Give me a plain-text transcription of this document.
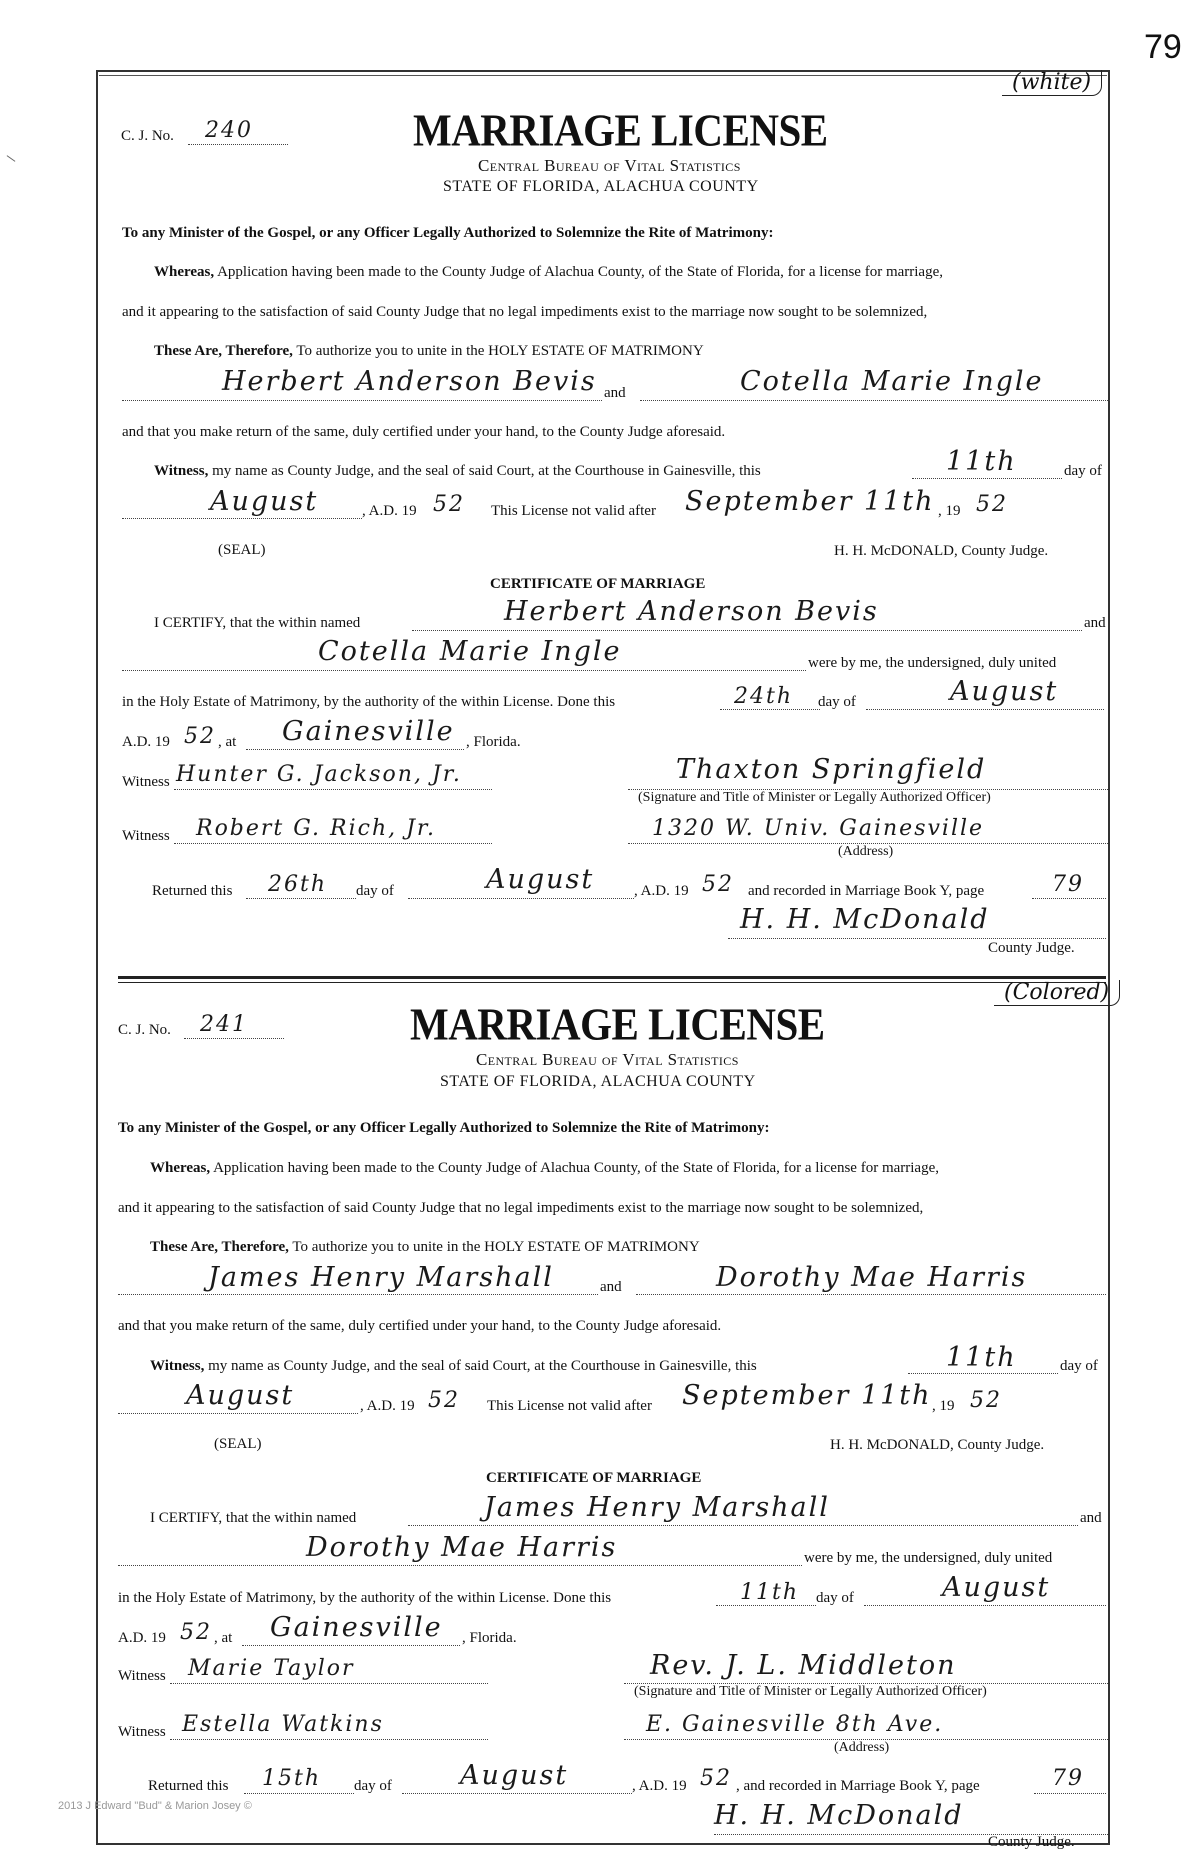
79
(white)
C. J. No. 240	MARRIAGE LICENSE
Central Bureau of Vital Statistics
STATE OF FLORIDA, ALACHUA COUNTY
To any Minister of the Gospel, or any Officer Legally Authorized to Solemnize the Rite of Matrimony:
Whereas, Application having been made to the County Judge of Alachua County, of the State of Florida, for a license for marriage,
and it appearing to the satisfaction of said County Judge that no legal impediments exist to the marriage now sought to be solemnized,
These Are, Therefore, To authorize you to unite in the HOLY ESTATE OF MATRIMONY
Herbert Anderson Bevis and	Cotella Marie Ingle
and that you make return of the same, duly certified under your hand, to the County Judge aforesaid.
Witness, my name as County Judge, and the seal of said Court, at the Courthouse in Gainesville, this	11th	day of
August	, A.D. 19 52 This License not valid after September 11th , 19 52
(SEAL)	H. H. McDONALD, County Judge.
CERTIFICATE OF MARRIAGE
I CERTIFY, that the within named	Herbert Anderson Bevis	and
Cotella Marie Ingle	were by me, the undersigned, duly united
in the Holy Estate of Matrimony, by the authority of the within License. Done this	24th day of	August
A.D. 19 52 , at Gainesville , Florida.
Witness Hunter G. Jackson, Jr.	Thaxton Springfield
(Signature and Title of Minister or Legally Authorized Officer)
Witness Robert G. Rich, Jr.	1320 W. Univ. Gainesville
(Address)
Returned this 26th day of	August	, A.D. 19 52 and recorded in Marriage Book Y, page	79
H. H. McDonald
County Judge.
(Colored)
C. J. No. 241	MARRIAGE LICENSE
Central Bureau of Vital Statistics
STATE OF FLORIDA, ALACHUA COUNTY
To any Minister of the Gospel, or any Officer Legally Authorized to Solemnize the Rite of Matrimony:
Whereas, Application having been made to the County Judge of Alachua County, of the State of Florida, for a license for marriage,
and it appearing to the satisfaction of said County Judge that no legal impediments exist to the marriage now sought to be solemnized,
These Are, Therefore, To authorize you to unite in the HOLY ESTATE OF MATRIMONY
James Henry Marshall	and	Dorothy Mae Harris
and that you make return of the same, duly certified under your hand, to the County Judge aforesaid.
Witness, my name as County Judge, and the seal of said Court, at the Courthouse in Gainesville, this	11th	day of
August	, A.D. 19 52 This License not valid after September 11th , 19 52
(SEAL)	H. H. McDONALD, County Judge.
CERTIFICATE OF MARRIAGE
I CERTIFY, that the within named	James Henry Marshall	and
Dorothy Mae Harris	were by me, the undersigned, duly united
in the Holy Estate of Matrimony, by the authority of the within License. Done this	11th day of	August
A.D. 19 52 , at Gainesville , Florida.
Witness Marie Taylor	Rev. J. L. Middleton
(Signature and Title of Minister or Legally Authorized Officer)
Witness Estella Watkins	E. Gainesville 8th Ave.
(Address)
Returned this 15th day of	August	, A.D. 19 52 , and recorded in Marriage Book Y, page	79
H. H. McDonald
County Judge.
2013 J Edward "Bud" & Marion Josey ©
